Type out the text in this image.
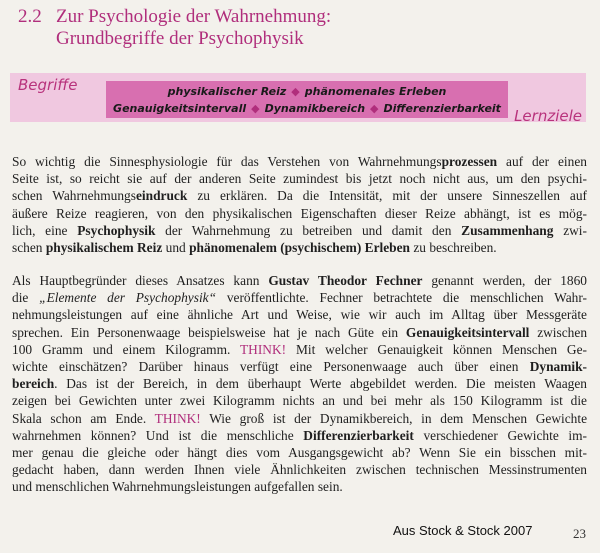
2.2 Zur Psychologie der Wahrnehmung:
Grundbegriffe der Psychophysik
Begriffe	physikalischer Reiz ◆ phänomenales Erleben
Genauigkeitsintervall ◆ Dynamikbereich ◆ Differenzierbarkeit Lernziele
So wichtig die Sinnesphysiologie für das Verstehen von Wahrnehmungsprozessen auf der einen
Seite ist, so reicht sie auf der anderen Seite zumindest bis jetzt noch nicht aus, um den psychi-
schen Wahrnehmungseindruck zu erklären. Da die Intensität, mit der unsere Sinneszellen auf
äußere Reize reagieren, von den physikalischen Eigenschaften dieser Reize abhängt, ist es mög-
lich, eine Psychophysik der Wahrnehmung zu betreiben und damit den Zusammenhang zwi-
schen physikalischem Reiz und phänomenalem (psychischem) Erleben zu beschreiben.
Als Hauptbegründer dieses Ansatzes kann Gustav Theodor Fechner genannt werden, der 1860
die „Elemente der Psychophysik“ veröffentlichte. Fechner betrachtete die menschlichen Wahr-
nehmungsleistungen auf eine ähnliche Art und Weise, wie wir auch im Alltag über Messgeräte
sprechen. Ein Personenwaage beispielsweise hat je nach Güte ein Genauigkeitsintervall zwischen
100 Gramm und einem Kilogramm. THINK! Mit welcher Genauigkeit können Menschen Ge-
wichte einschätzen? Darüber hinaus verfügt eine Personenwaage auch über einen Dynamik-
bereich. Das ist der Bereich, in dem überhaupt Werte abgebildet werden. Die meisten Waagen
zeigen bei Gewichten unter zwei Kilogramm nichts an und bei mehr als 150 Kilogramm ist die
Skala schon am Ende. THINK! Wie groß ist der Dynamikbereich, in dem Menschen Gewichte
wahrnehmen können? Und ist die menschliche Differenzierbarkeit verschiedener Gewichte im-
mer genau die gleiche oder hängt dies vom Ausgangsgewicht ab? Wenn Sie ein bisschen mit-
gedacht haben, dann werden Ihnen viele Ähnlichkeiten zwischen technischen Messinstrumenten
und menschlichen Wahrnehmungsleistungen aufgefallen sein.
Aus Stock & Stock 2007	23
